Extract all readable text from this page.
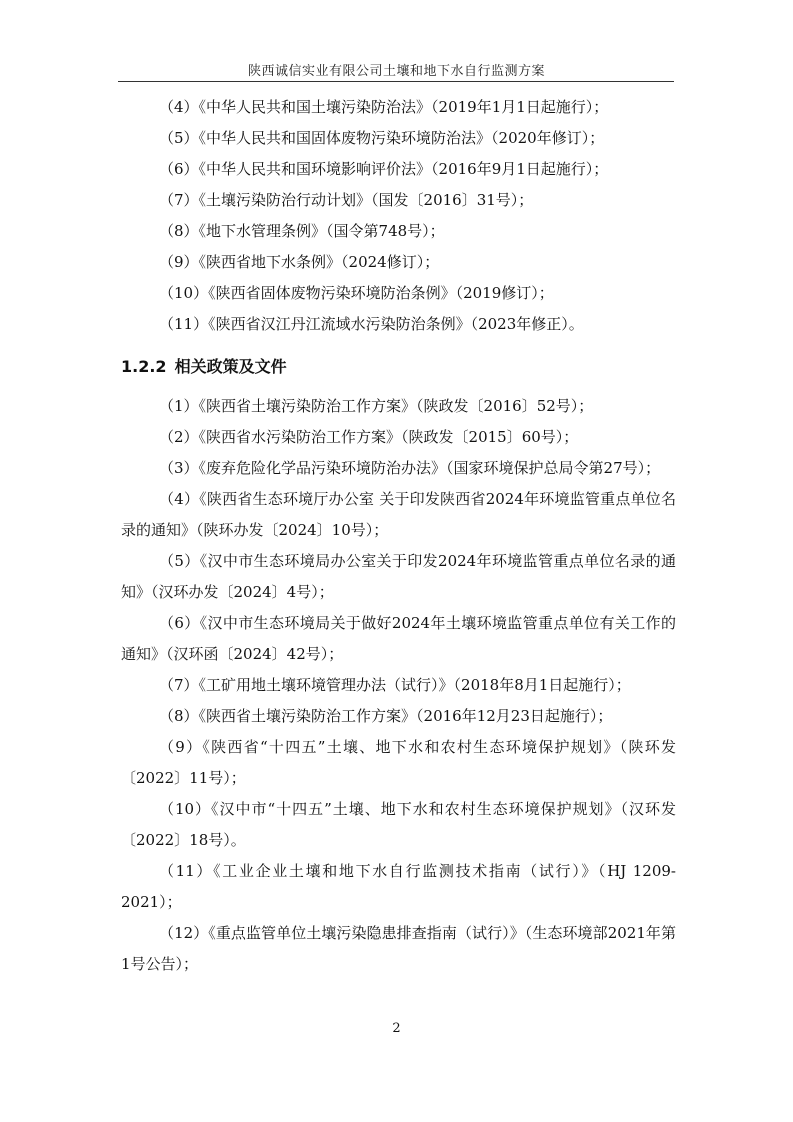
陕西诚信实业有限公司土壤和地下水自行监测方案

（4）《中华人民共和国土壤污染防治法》（2019年1月1日起施行）；

（5）《中华人民共和国固体废物污染环境防治法》（2020年修订）；

（6）《中华人民共和国环境影响评价法》（2016年9月1日起施行）；

（7）《土壤污染防治行动计划》（国发〔2016〕31号）；

（8）《地下水管理条例》（国令第748号）；

（9）《陕西省地下水条例》（2024修订）；

（10）《陕西省固体废物污染环境防治条例》（2019修订）；

（11）《陕西省汉江丹江流域水污染防治条例》（2023年修正）。

1.2.2 相关政策及文件

（1）《陕西省土壤污染防治工作方案》（陕政发〔2016〕52号）；

（2）《陕西省水污染防治工作方案》（陕政发〔2015〕60号）；

（3）《废弃危险化学品污染环境防治办法》（国家环境保护总局令第27号）；

（4）《陕西省生态环境厅办公室 关于印发陕西省2024年环境监管重点单位名录的通知》（陕环办发〔2024〕10号）；

（5）《汉中市生态环境局办公室关于印发2024年环境监管重点单位名录的通知》（汉环办发〔2024〕4号）；

（6）《汉中市生态环境局关于做好2024年土壤环境监管重点单位有关工作的通知》（汉环函〔2024〕42号）；

（7）《工矿用地土壤环境管理办法（试行）》（2018年8月1日起施行）；

（8）《陕西省土壤污染防治工作方案》（2016年12月23日起施行）；

（9）《陕西省“十四五”土壤、地下水和农村生态环境保护规划》（陕环发〔2022〕11号）；

（10）《汉中市“十四五”土壤、地下水和农村生态环境保护规划》（汉环发〔2022〕18号）。

（11）《工业企业土壤和地下水自行监测技术指南（试行）》（HJ 1209-2021）；

（12）《重点监管单位土壤污染隐患排查指南（试行）》（生态环境部2021年第1号公告）；

2
